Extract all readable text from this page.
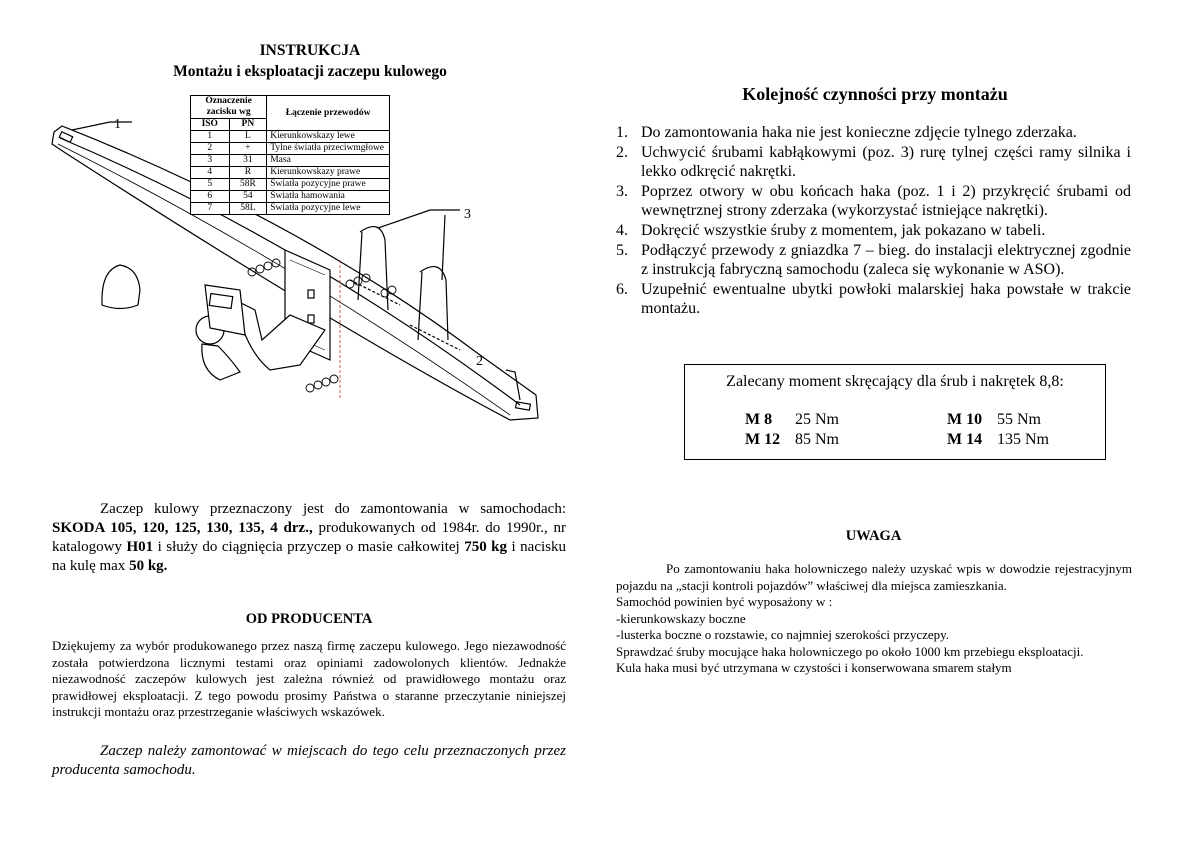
INSTRUKCJA
Montażu i eksploatacji zaczepu kulowego
1
3
2
Oznaczenie zacisku wg		Łączenie przewodów
ISO	PN	
1	L	Kierunkowskazy lewe
2	+	Tylne światła przeciwmgłowe
3	31	Masa
4	R	Kierunkowskazy prawe
5	58R	Światła pozycyjne prawe
6	54	Światła hamowania
7	58L	Światła pozycyjne lewe
Zaczep kulowy przeznaczony jest do zamontowania w samochodach: SKODA 105, 120, 125, 130, 135, 4 drz., produkowanych od 1984r. do 1990r., nr katalogowy H01 i służy do ciągnięcia przyczep o masie całkowitej 750 kg i nacisku na kulę max 50 kg.
OD PRODUCENTA
Dziękujemy za wybór produkowanego przez naszą firmę zaczepu kulowego. Jego niezawodność została potwierdzona licznymi testami oraz opiniami zadowolonych klientów. Jednakże niezawodność zaczepów kulowych jest zależna również od prawidłowego montażu oraz prawidłowej eksploatacji. Z tego powodu prosimy Państwa o staranne przeczytanie niniejszej instrukcji montażu oraz przestrzeganie właściwych wskazówek.
Zaczep należy zamontować w miejscach do tego celu przeznaczonych przez producenta samochodu.
Kolejność czynności przy montażu
1. Do zamontowania haka nie jest konieczne zdjęcie tylnego zderzaka.
2. Uchwycić śrubami kabłąkowymi (poz. 3) rurę tylnej części ramy silnika i lekko odkręcić nakrętki.
3. Poprzez otwory w obu końcach haka (poz. 1 i 2) przykręcić śrubami od wewnętrznej strony zderzaka (wykorzystać istniejące nakrętki).
4. Dokręcić wszystkie śruby z momentem, jak pokazano w tabeli.
5. Podłączyć przewody z gniazdka 7 – bieg. do instalacji elektrycznej zgodnie z instrukcją fabryczną samochodu (zaleca się wykonanie w ASO).
6. Uzupełnić ewentualne ubytki powłoki malarskiej haka powstałe w trakcie montażu.
Zalecany moment skręcający dla śrub i nakrętek 8,8:
M 8 25 Nm	M 10 55 Nm
M 12 85 Nm	M 14 135 Nm
UWAGA
Po zamontowaniu haka holowniczego należy uzyskać wpis w dowodzie rejestracyjnym pojazdu na „stacji kontroli pojazdów” właściwej dla miejsca zamieszkania.
Samochód powinien być wyposażony w :
-kierunkowskazy boczne
-lusterka boczne o rozstawie, co najmniej szerokości przyczepy.
Sprawdzać śruby mocujące haka holowniczego po około 1000 km przebiegu eksploatacji.
Kula haka musi być utrzymana w czystości i konserwowana smarem stałym
